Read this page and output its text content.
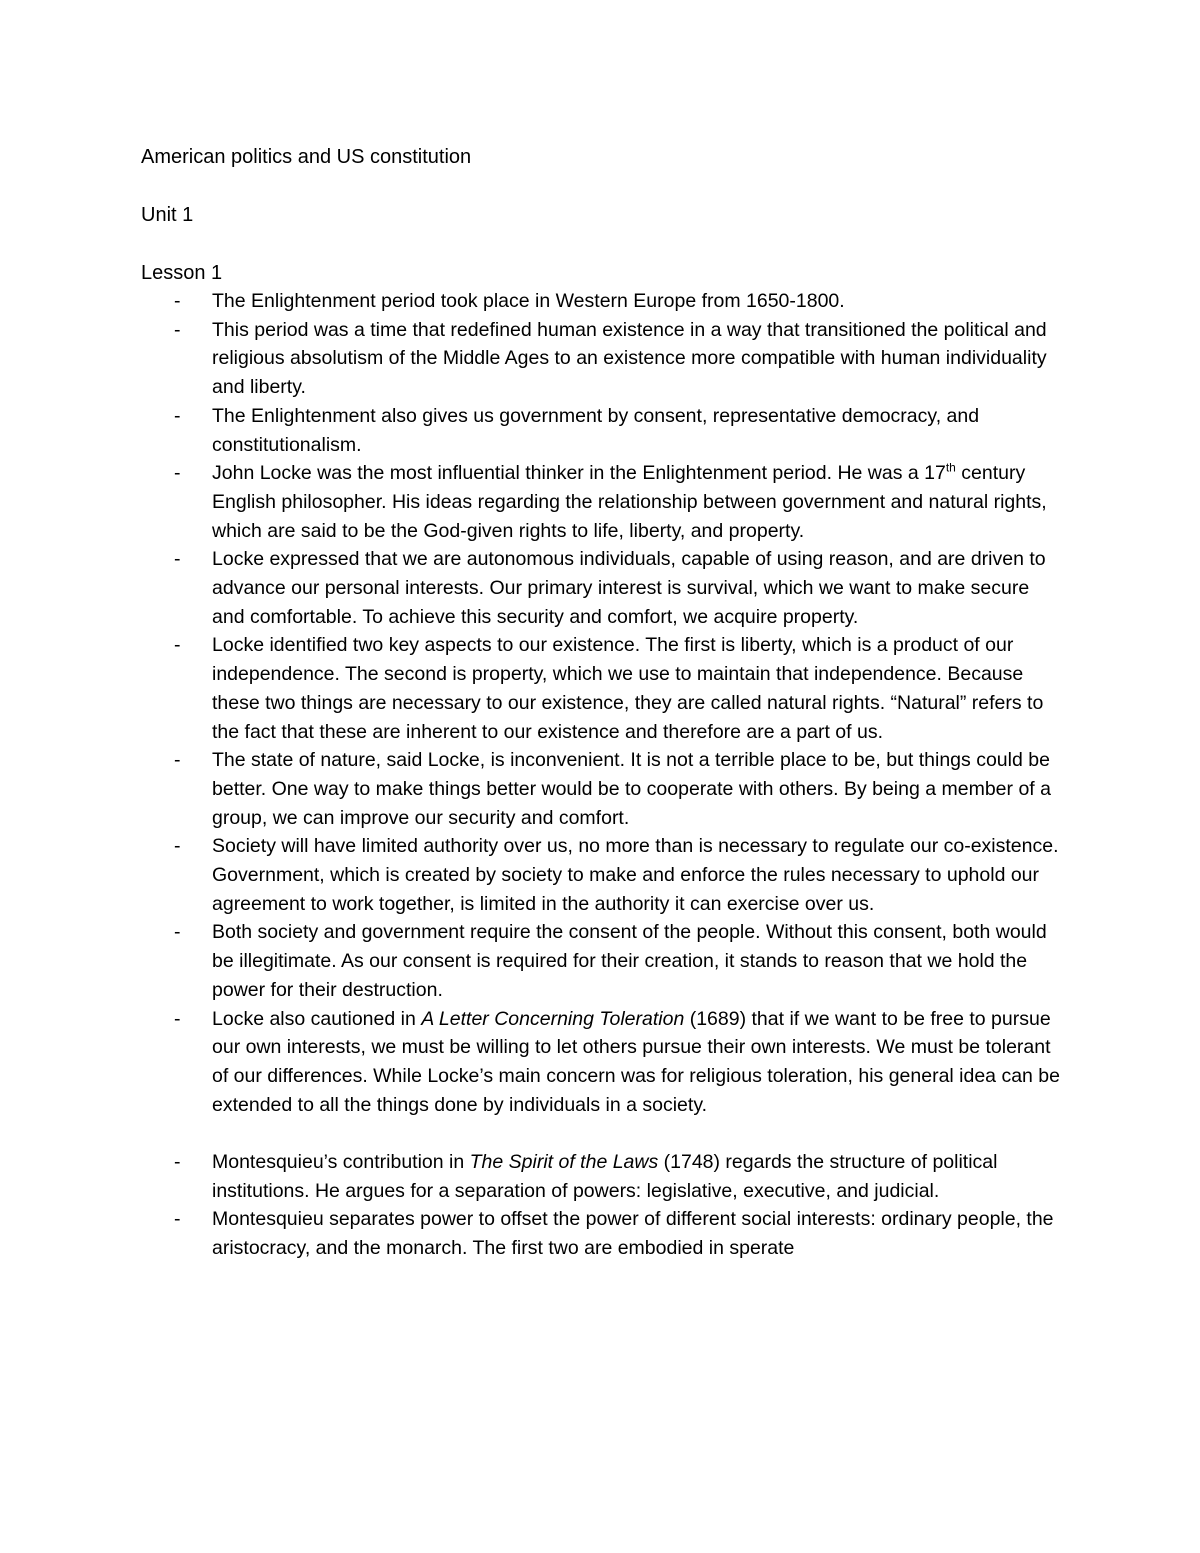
American politics and US constitution
Unit 1
Lesson 1
- The Enlightenment period took place in Western Europe from 1650-1800.
- This period was a time that redefined human existence in a way that transitioned the political and religious absolutism of the Middle Ages to an existence more compatible with human individuality and liberty.
- The Enlightenment also gives us government by consent, representative democracy, and constitutionalism.
- John Locke was the most influential thinker in the Enlightenment period. He was a 17th century English philosopher. His ideas regarding the relationship between government and natural rights, which are said to be the God-given rights to life, liberty, and property.
- Locke expressed that we are autonomous individuals, capable of using reason, and are driven to advance our personal interests. Our primary interest is survival, which we want to make secure and comfortable. To achieve this security and comfort, we acquire property.
- Locke identified two key aspects to our existence. The first is liberty, which is a product of our independence. The second is property, which we use to maintain that independence. Because these two things are necessary to our existence, they are called natural rights. “Natural” refers to the fact that these are inherent to our existence and therefore are a part of us.
- The state of nature, said Locke, is inconvenient. It is not a terrible place to be, but things could be better. One way to make things better would be to cooperate with others. By being a member of a group, we can improve our security and comfort.
- Society will have limited authority over us, no more than is necessary to regulate our co-existence. Government, which is created by society to make and enforce the rules necessary to uphold our agreement to work together, is limited in the authority it can exercise over us.
- Both society and government require the consent of the people. Without this consent, both would be illegitimate. As our consent is required for their creation, it stands to reason that we hold the power for their destruction.
- Locke also cautioned in A Letter Concerning Toleration (1689) that if we want to be free to pursue our own interests, we must be willing to let others pursue their own interests. We must be tolerant of our differences. While Locke’s main concern was for religious toleration, his general idea can be extended to all the things done by individuals in a society.
- Montesquieu’s contribution in The Spirit of the Laws (1748) regards the structure of political institutions. He argues for a separation of powers: legislative, executive, and judicial.
- Montesquieu separates power to offset the power of different social interests: ordinary people, the aristocracy, and the monarch. The first two are embodied in sperate
